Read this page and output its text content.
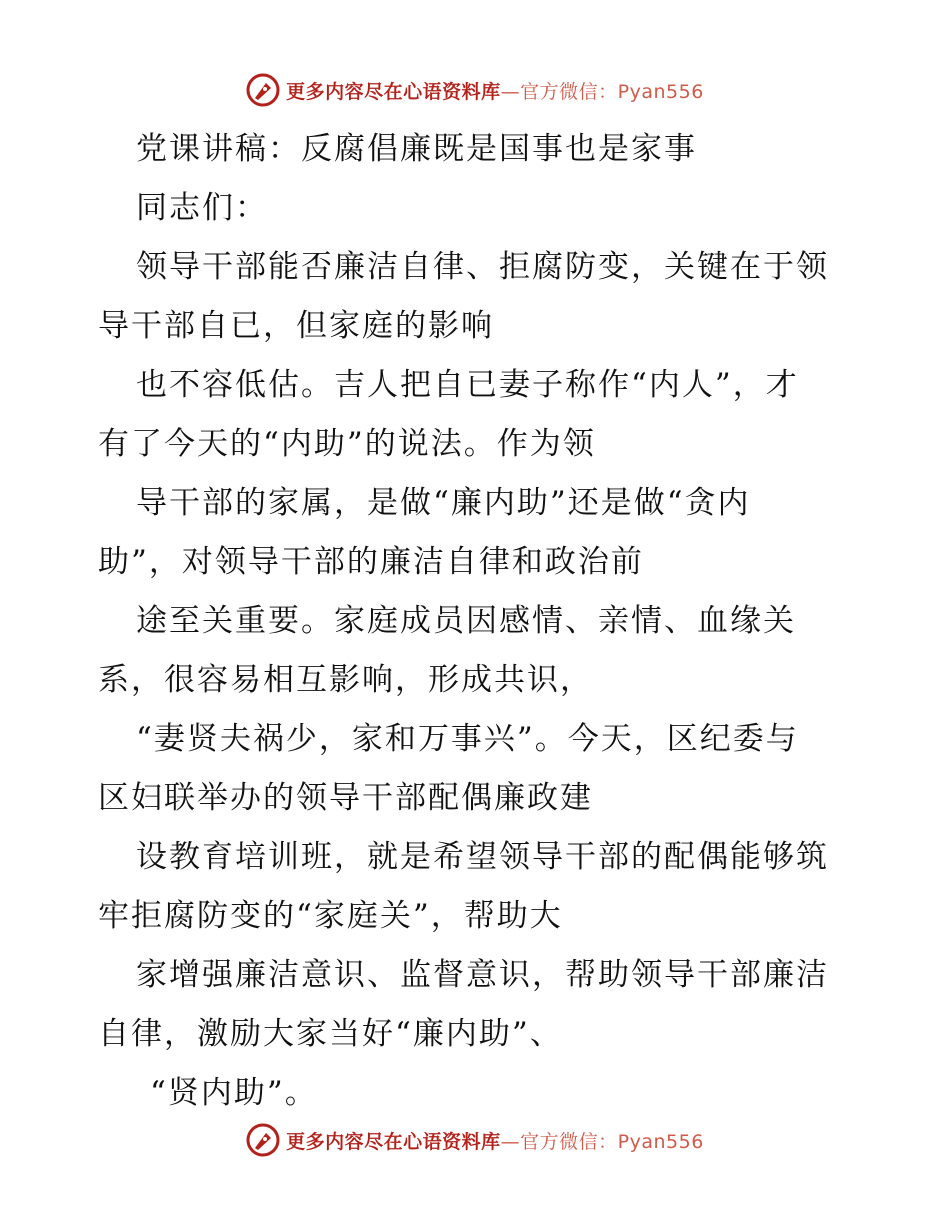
更多内容尽在心语资料库—官方微信：Pyan556
党课讲稿：反腐倡廉既是国事也是家事
同志们：
领导干部能否廉洁自律、拒腐防变，关键在于领
导干部自已，但家庭的影响
也不容低估。吉人把自已妻子称作“内人”，才
有了今天的“内助”的说法。作为领
导干部的家属，是做“廉内助”还是做“贪内
助”，对领导干部的廉洁自律和政治前
途至关重要。家庭成员因感情、亲情、血缘关
系，很容易相互影响，形成共识，
“妻贤夫祸少，家和万事兴”。今天，区纪委与
区妇联举办的领导干部配偶廉政建
设教育培训班，就是希望领导干部的配偶能够筑
牢拒腐防变的“家庭关”，帮助大
家增强廉洁意识、监督意识，帮助领导干部廉洁
自律，激励大家当好“廉内助”、
“贤内助”。
更多内容尽在心语资料库—官方微信：Pyan556
